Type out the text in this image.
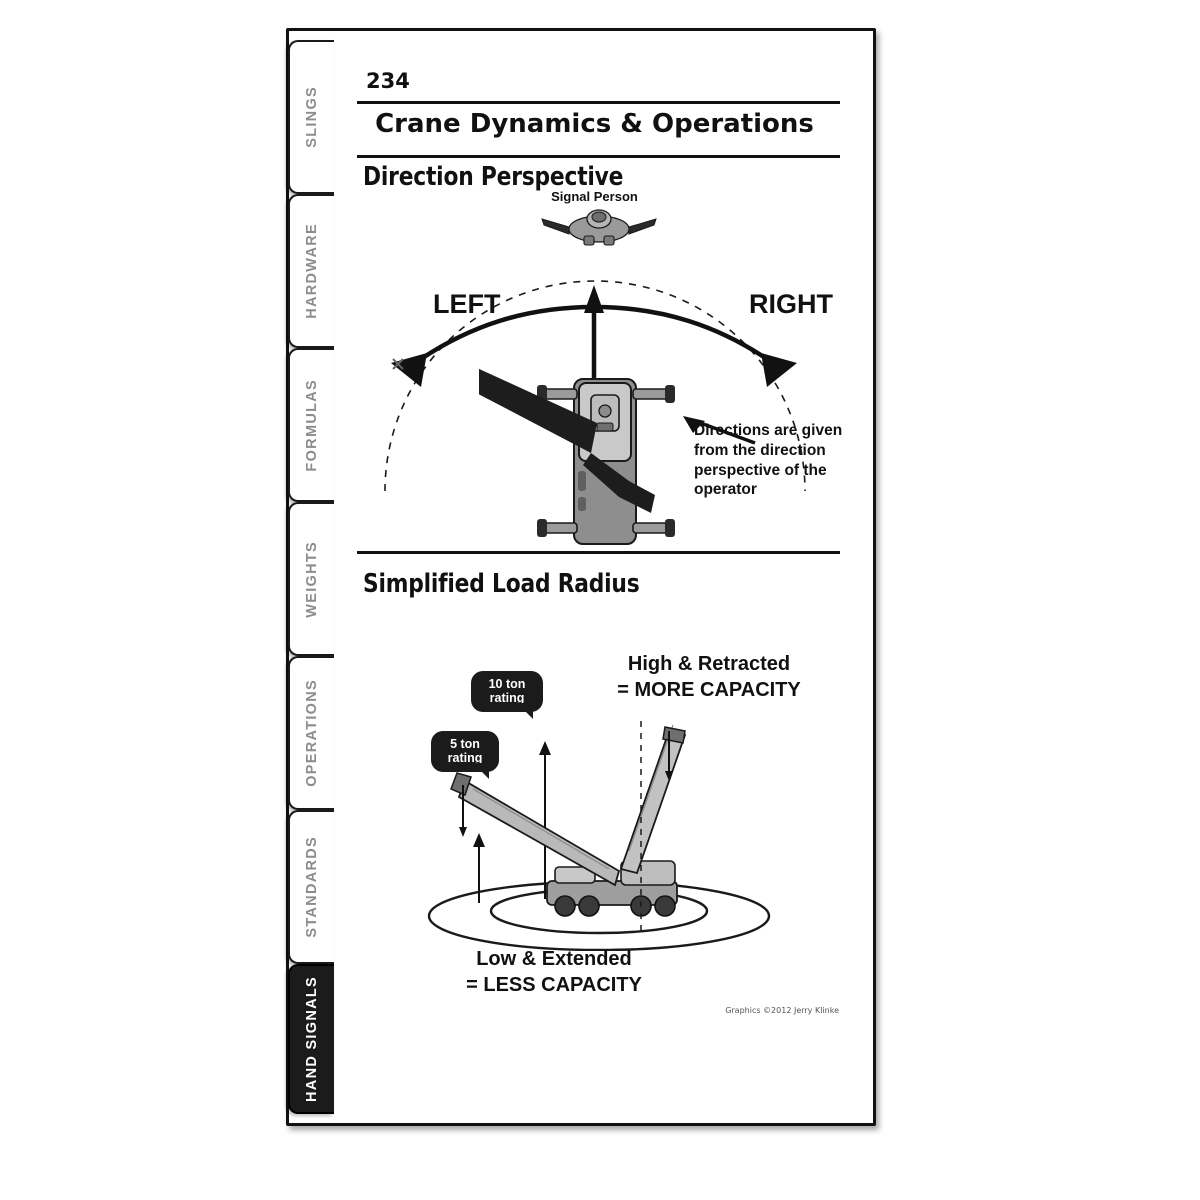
234
Crane Dynamics & Operations
Direction Perspective
Signal Person
LEFT	RIGHT
Directions are given from the direction perspective of the operator
Simplified Load Radius
High & Retracted
= MORE CAPACITY
10 ton rating
5 ton rating
Low & Extended
= LESS CAPACITY
Graphics ©2012 Jerry Klinke
SLINGS
HARDWARE
FORMULAS
WEIGHTS
OPERATIONS
STANDARDS
HAND SIGNALS
